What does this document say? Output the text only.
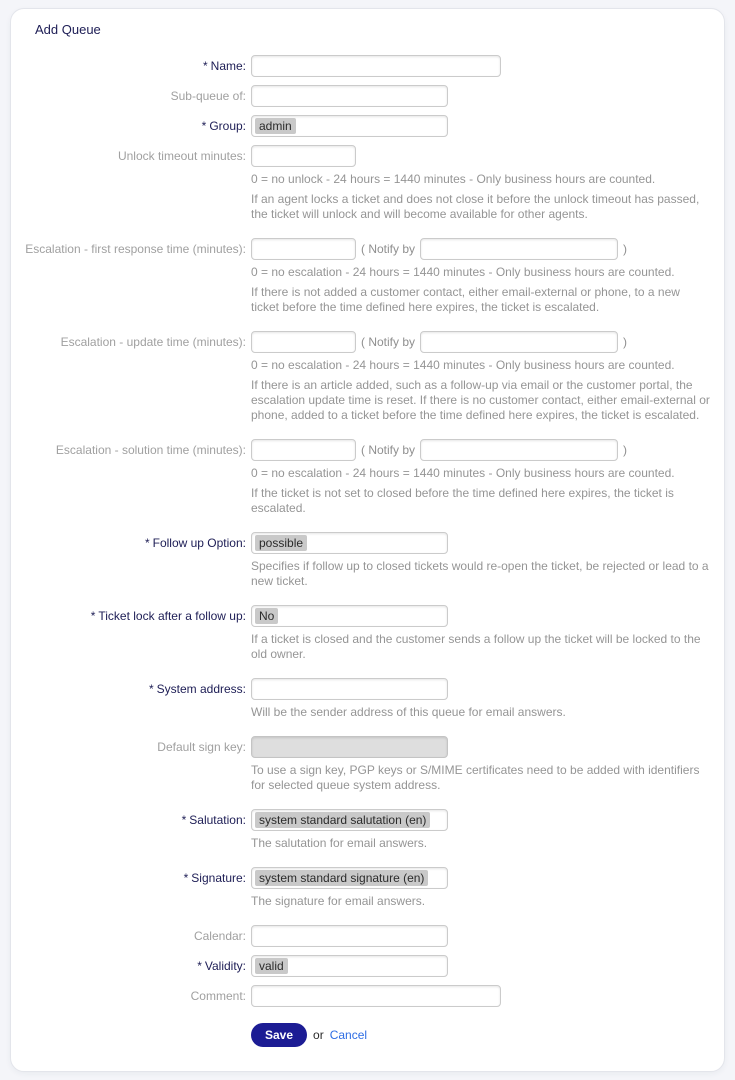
Add Queue
* Name:
Sub-queue of:
* Group:	admin
Unlock timeout minutes:

0 = no unlock - 24 hours = 1440 minutes - Only business hours are counted.

If an agent locks a ticket and does not close it before the unlock timeout has passed, the ticket will unlock and will become available for other agents.

Escalation - first response time (minutes):	( Notify by	)

0 = no escalation - 24 hours = 1440 minutes - Only business hours are counted.

If there is not added a customer contact, either email-external or phone, to a new ticket before the time defined here expires, the ticket is escalated.

Escalation - update time (minutes):	( Notify by	)

0 = no escalation - 24 hours = 1440 minutes - Only business hours are counted.

If there is an article added, such as a follow-up via email or the customer portal, the escalation update time is reset. If there is no customer contact, either email-external or phone, added to a ticket before the time defined here expires, the ticket is escalated.

Escalation - solution time (minutes):	( Notify by	)

0 = no escalation - 24 hours = 1440 minutes - Only business hours are counted.

If the ticket is not set to closed before the time defined here expires, the ticket is escalated.

* Follow up Option:	possible

Specifies if follow up to closed tickets would re-open the ticket, be rejected or lead to a new ticket.

* Ticket lock after a follow up:	No

If a ticket is closed and the customer sends a follow up the ticket will be locked to the old owner.

* System address:

Will be the sender address of this queue for email answers.

Default sign key:

To use a sign key, PGP keys or S/MIME certificates need to be added with identifiers for selected queue system address.

* Salutation:	system standard salutation (en)

The salutation for email answers.

* Signature:	system standard signature (en)

The signature for email answers.

Calendar:
* Validity:	valid
Comment:
Save	or Cancel
